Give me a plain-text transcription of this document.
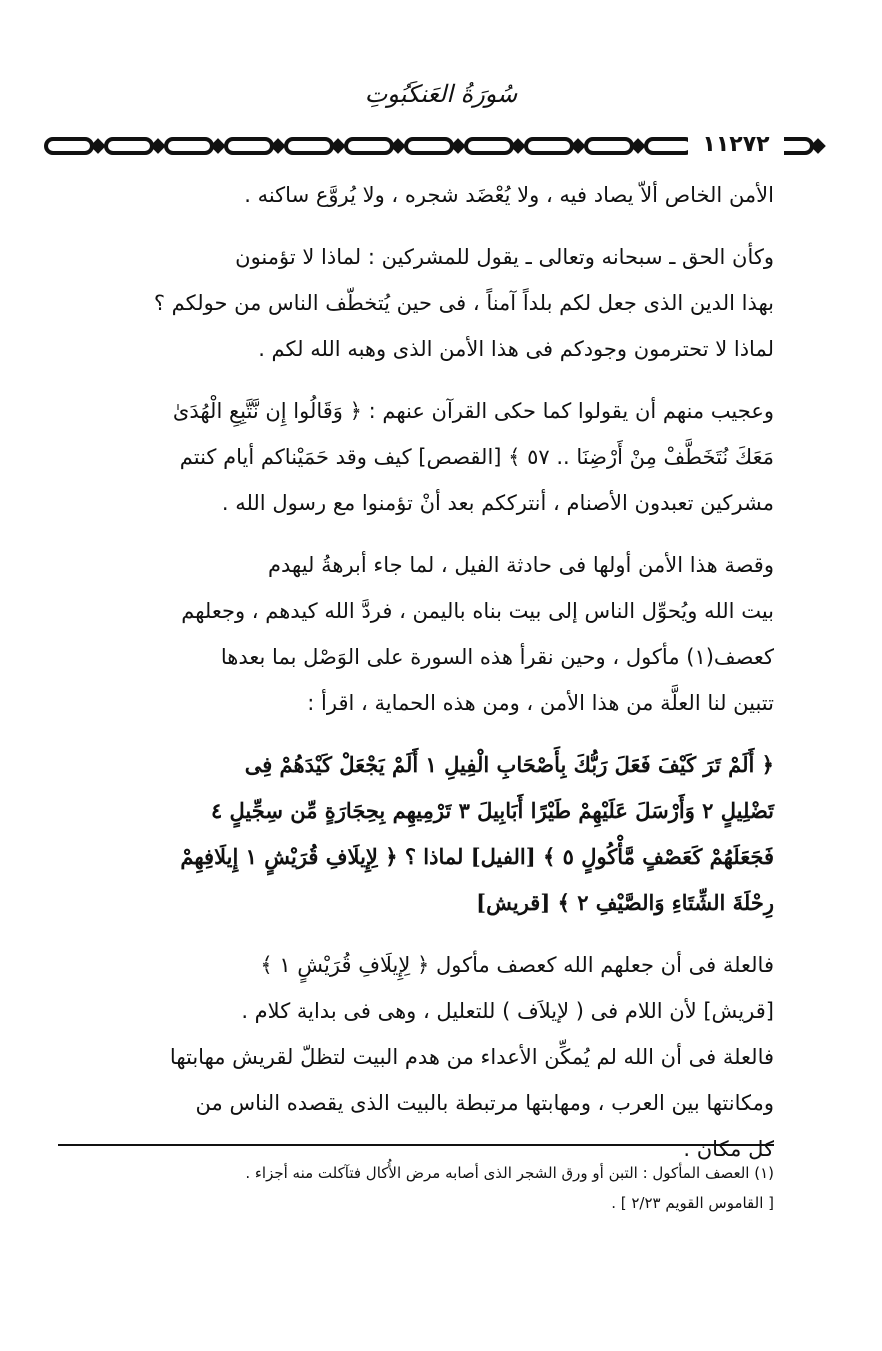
سُورَةُ العَنكَبُوتِ
١١٢٧٢

الأمن الخاص ألاّ يصاد فيه ، ولا يُعْضَد شجره ، ولا يُروَّع ساكنه .

وكأن الحق ـ سبحانه وتعالى ـ يقول للمشركين : لماذا لا تؤمنون
بهذا الدين الذى جعل لكم بلداً آمناً ، فى حين يُتخطّف الناس من حولكم ؟
لماذا لا تحترمون وجودكم فى هذا الأمن الذى وهبه الله لكم .

وعجيب منهم أن يقولوا كما حكى القرآن عنهم : ﴿ وَقَالُوا إِن نَّتَّبِعِ الْهُدَىٰ
مَعَكَ نُتَخَطَّفْ مِنْ أَرْضِنَا .. ٥٧ ﴾ [القصص] كيف وقد حَمَيْناكم أيام كنتم
مشركين تعبدون الأصنام ، أنترككم بعد أنْ تؤمنوا مع رسول الله .

وقصة هذا الأمن أولها فى حادثة الفيل ، لما جاء أبرهةُ ليهدم
بيت الله ويُحوِّل الناس إلى بيت بناه باليمن ، فردَّ الله كيدهم ، وجعلهم
كعصف(١) مأكول ، وحين نقرأ هذه السورة على الوَصْل بما بعدها
تتبين لنا العلَّة من هذا الأمن ، ومن هذه الحماية ، اقرأ :

﴿ أَلَمْ تَرَ كَيْفَ فَعَلَ رَبُّكَ بِأَصْحَابِ الْفِيلِ ١ أَلَمْ يَجْعَلْ كَيْدَهُمْ فِى
تَضْلِيلٍ ٢ وَأَرْسَلَ عَلَيْهِمْ طَيْرًا أَبَابِيلَ ٣ تَرْمِيهِم بِحِجَارَةٍ مِّن سِجِّيلٍ ٤
فَجَعَلَهُمْ كَعَصْفٍ مَّأْكُولٍ ٥ ﴾ [الفيل] لماذا ؟ ﴿ لِإِيلَافِ قُرَيْشٍ ١ إِيلَافِهِمْ
رِحْلَةَ الشِّتَاءِ وَالصَّيْفِ ٢ ﴾ [قريش]

فالعلة فى أن جعلهم الله كعصف مأكول ﴿ لِإِيلَافِ قُرَيْشٍ ١ ﴾
[قريش] لأن اللام فى ( لإيلاَف ) للتعليل ، وهى فى بداية كلام .
فالعلة فى أن الله لم يُمكِّن الأعداء من هدم البيت لتظلّ لقريش مهابتها
ومكانتها بين العرب ، ومهابتها مرتبطة بالبيت الذى يقصده الناس من
كل مكان .

(١) العصف المأكول : التبن أو ورق الشجر الذى أصابه مرض الأُكال فتآكلت منه أجزاء .
[ القاموس القويم ٢/٢٣ ] .
